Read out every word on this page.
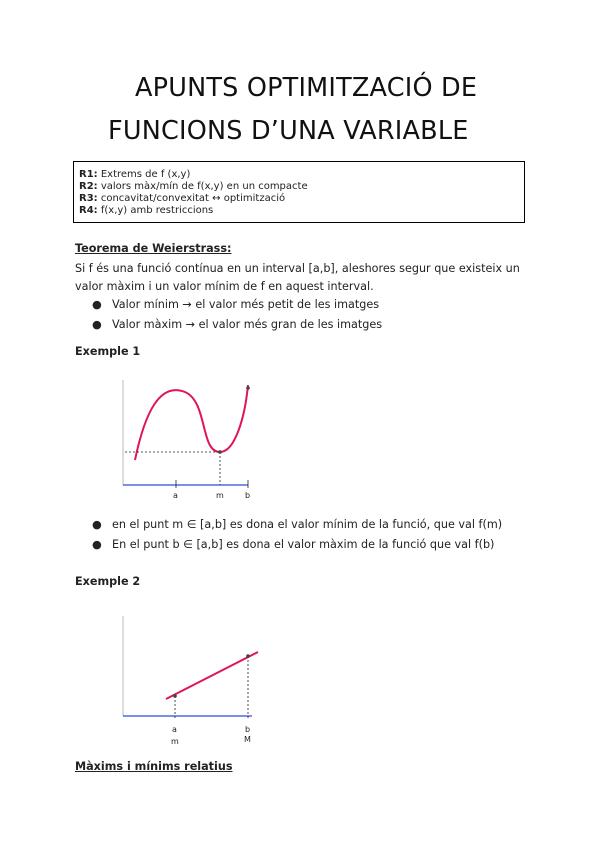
APUNTS OPTIMITZACIÓ DE
FUNCIONS D’UNA VARIABLE
R1: Extrems de f (x,y)
R2: valors màx/mín de f(x,y) en un compacte
R3: concavitat/convexitat ↔ optimització
R4: f(x,y) amb restriccions
Teorema de Weierstrass:
Si f és una funció contínua en un interval [a,b], aleshores segur que existeix un
valor màxim i un valor mínim de f en aquest interval.
● Valor mínim → el valor més petit de les imatges
● Valor màxim → el valor més gran de les imatges
Exemple 1
a	m	b
● en el punt m ∈ [a,b] es dona el valor mínim de la funció, que val f(m)
● En el punt b ∈ [a,b] es dona el valor màxim de la funció que val f(b)
Exemple 2
a
m
b
M
Màxims i mínims relatius
